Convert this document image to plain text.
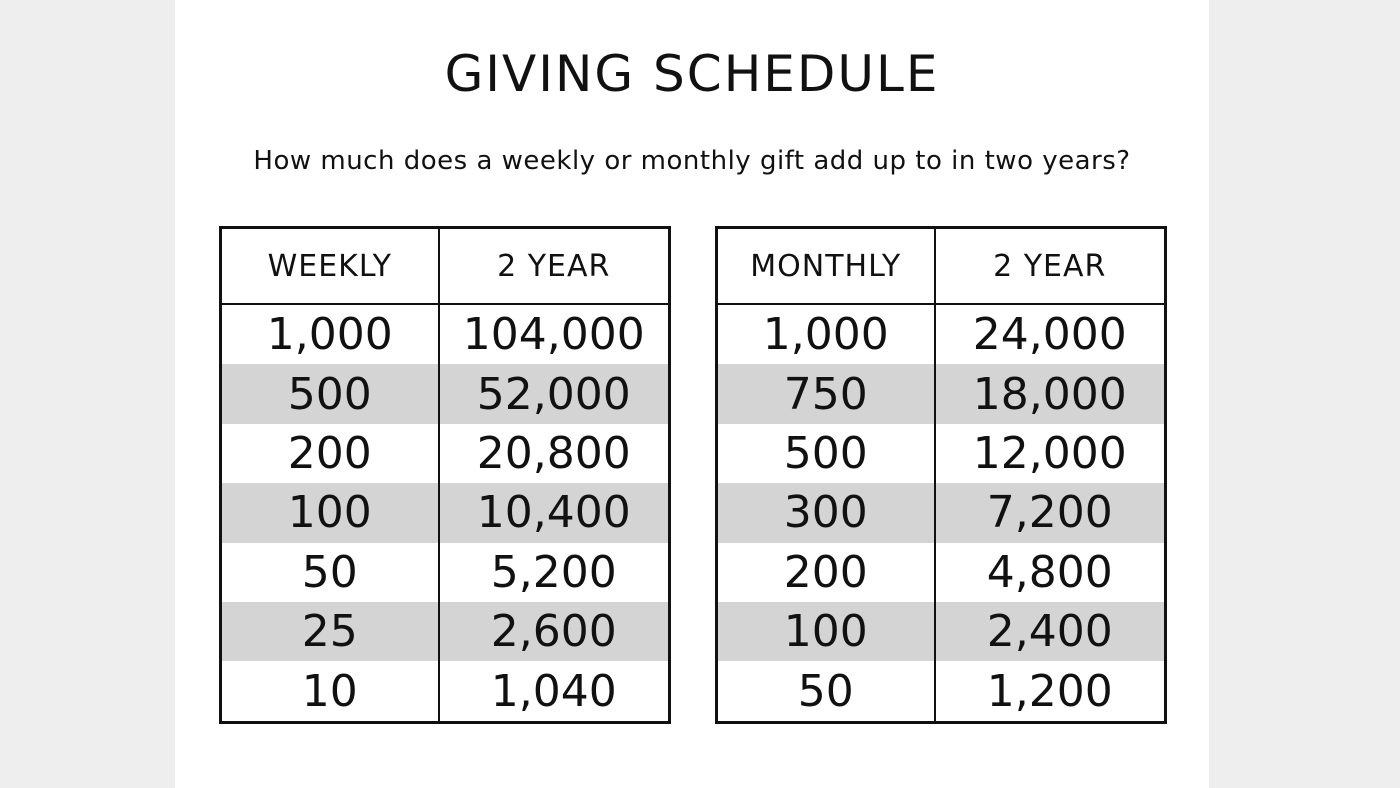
GIVING SCHEDULE

How much does a weekly or monthly gift add up to in two years?

WEEKLY	2 YEAR
1,000	104,000
500	52,000
200	20,800
100	10,400
50	5,200
25	2,600
10	1,040
MONTHLY	2 YEAR
1,000	24,000
750	18,000
500	12,000
300	7,200
200	4,800
100	2,400
50	1,200
